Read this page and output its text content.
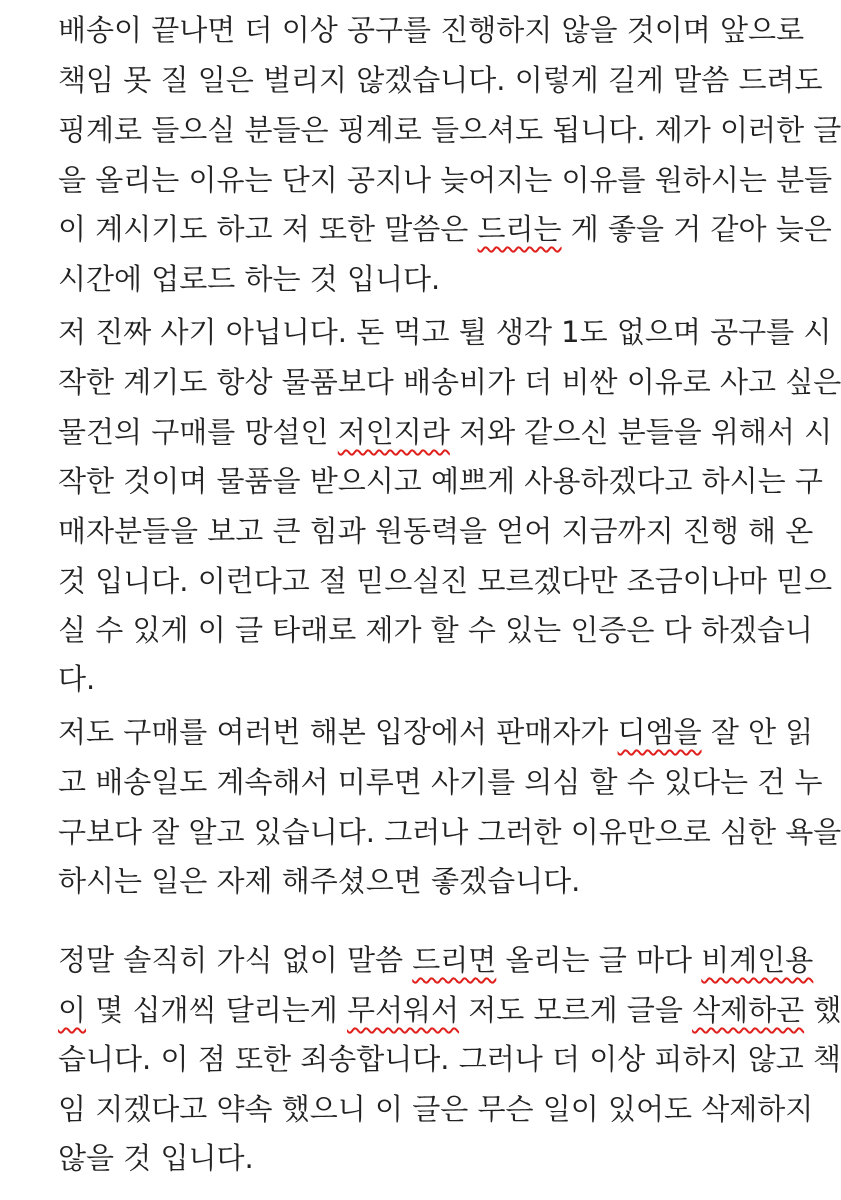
배송이 끝나면 더 이상 공구를 진행하지 않을 것이며 앞으로
책임 못 질 일은 벌리지 않겠습니다. 이렇게 길게 말씀 드려도
핑계로 들으실 분들은 핑계로 들으셔도 됩니다. 제가 이러한 글
을 올리는 이유는 단지 공지나 늦어지는 이유를 원하시는 분들
이 계시기도 하고 저 또한 말씀은 드리는 게 좋을 거 같아 늦은
시간에 업로드 하는 것 입니다.
저 진짜 사기 아닙니다. 돈 먹고 튈 생각 1도 없으며 공구를 시
작한 계기도 항상 물품보다 배송비가 더 비싼 이유로 사고 싶은
물건의 구매를 망설인 저인지라 저와 같으신 분들을 위해서 시
작한 것이며 물품을 받으시고 예쁘게 사용하겠다고 하시는 구
매자분들을 보고 큰 힘과 원동력을 얻어 지금까지 진행 해 온
것 입니다. 이런다고 절 믿으실진 모르겠다만 조금이나마 믿으
실 수 있게 이 글 타래로 제가 할 수 있는 인증은 다 하겠습니
다.
저도 구매를 여러번 해본 입장에서 판매자가 디엠을 잘 안 읽
고 배송일도 계속해서 미루면 사기를 의심 할 수 있다는 건 누
구보다 잘 알고 있습니다. 그러나 그러한 이유만으로 심한 욕을
하시는 일은 자제 해주셨으면 좋겠습니다.
정말 솔직히 가식 없이 말씀 드리면 올리는 글 마다 비계인용
이 몇 십개씩 달리는게 무서워서 저도 모르게 글을 삭제하곤 했
습니다. 이 점 또한 죄송합니다. 그러나 더 이상 피하지 않고 책
임 지겠다고 약속 했으니 이 글은 무슨 일이 있어도 삭제하지
않을 것 입니다.
